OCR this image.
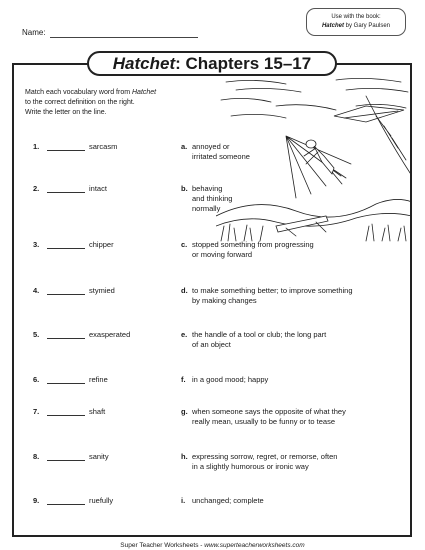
Name:
Use with the book:
Hatchet by Gary Paulsen
Hatchet: Chapters 15–17
Match each vocabulary word from Hatchet
to the correct definition on the right.
Write the letter on the line.
1.	sarcasm	a. annoyed or
irritated someone
2.	intact	b. behaving
and thinking
normally
3.	chipper	c. stopped something from progressing
or moving forward
4.	stymied	d. to make something better; to improve something
by making changes
5.	exasperated	e. the handle of a tool or club; the long part
of an object
6.	refine	f. in a good mood; happy
7.	shaft	g. when someone says the opposite of what they
really mean, usually to be funny or to tease
8.	sanity	h. expressing sorrow, regret, or remorse, often
in a slightly humorous or ironic way
9.	ruefully	i. unchanged; complete
Super Teacher Worksheets - www.superteacherworksheets.com
